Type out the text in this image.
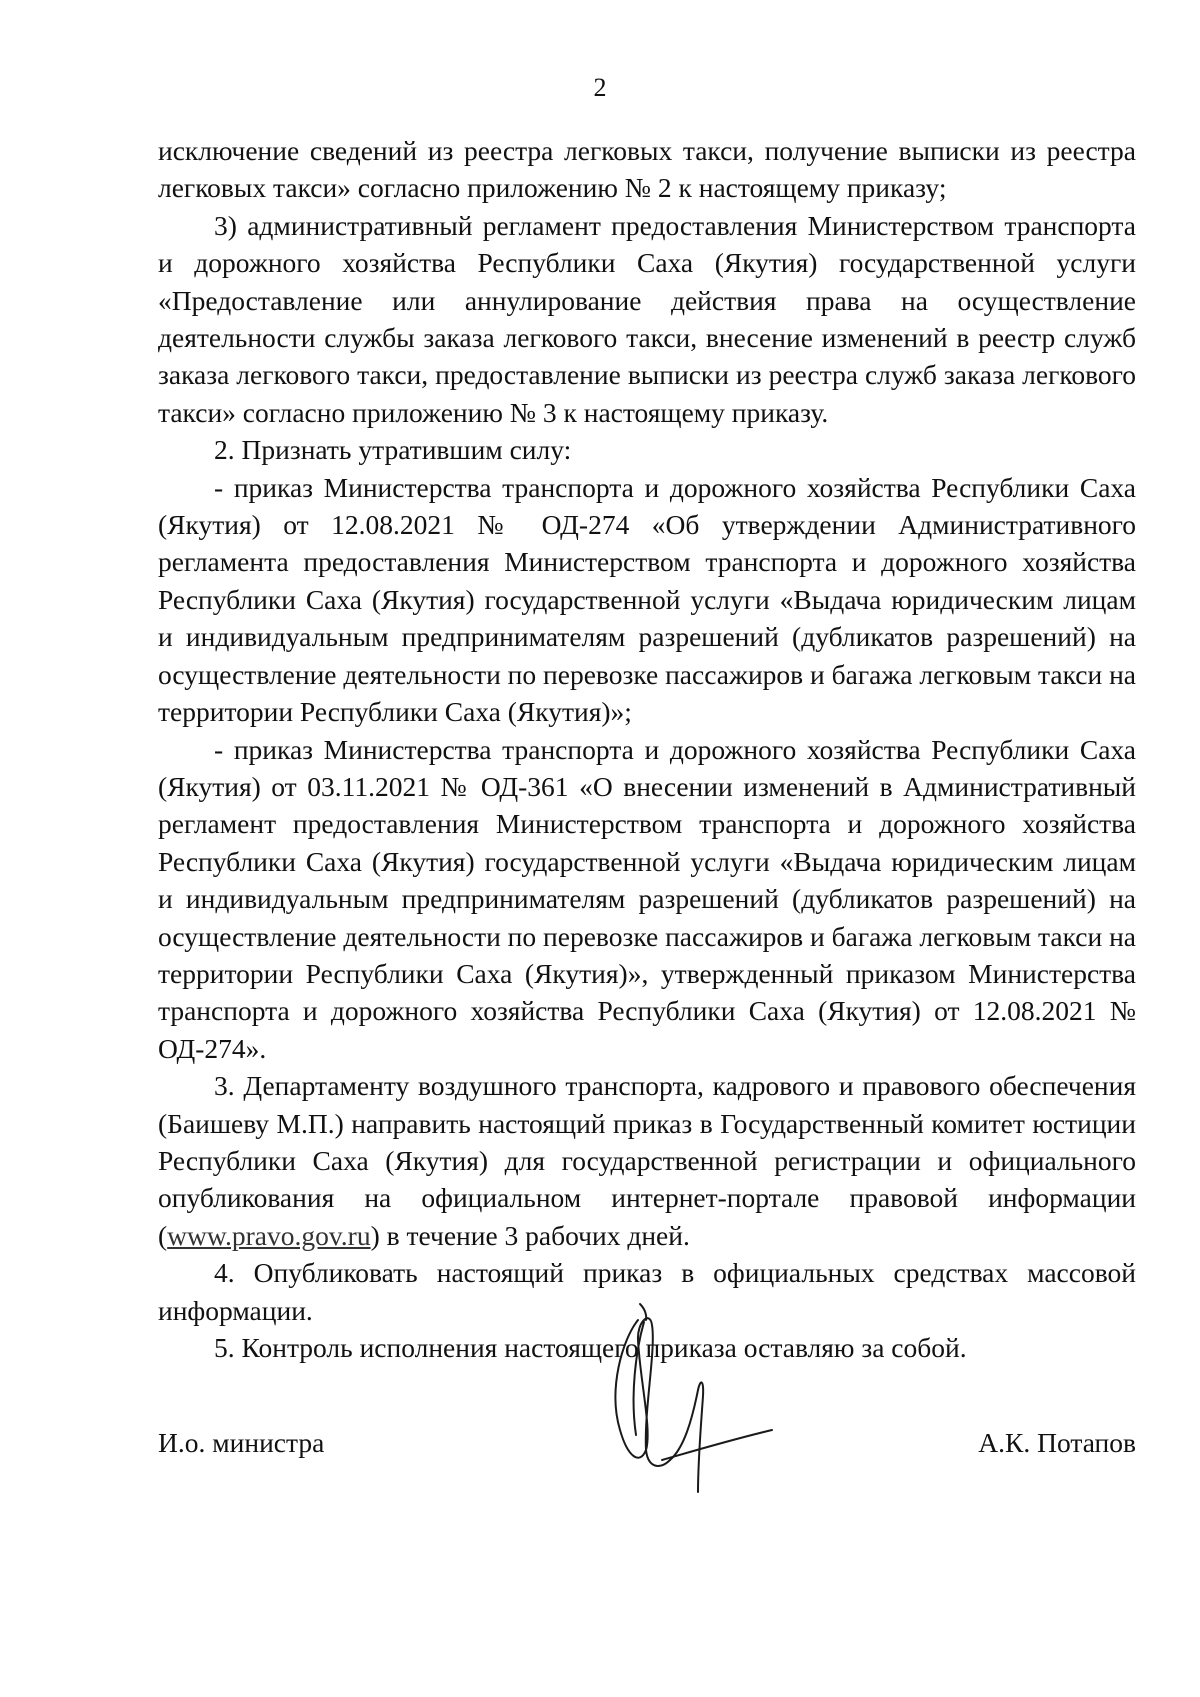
2

исключение сведений из реестра легковых такси, получение выписки из реестра легковых такси» согласно приложению № 2 к настоящему приказу;

3) административный регламент предоставления Министерством транспорта и дорожного хозяйства Республики Саха (Якутия) государственной услуги «Предоставление или аннулирование действия права на осуществление деятельности службы заказа легкового такси, внесение изменений в реестр служб заказа легкового такси, предоставление выписки из реестра служб заказа легкового такси» согласно приложению № 3 к настоящему приказу.

2. Признать утратившим силу:

- приказ Министерства транспорта и дорожного хозяйства Республики Саха (Якутия) от 12.08.2021 № ОД-274 «Об утверждении Административного регламента предоставления Министерством транспорта и дорожного хозяйства Республики Саха (Якутия) государственной услуги «Выдача юридическим лицам и индивидуальным предпринимателям разрешений (дубликатов разрешений) на осуществление деятельности по перевозке пассажиров и багажа легковым такси на территории Республики Саха (Якутия)»;

- приказ Министерства транспорта и дорожного хозяйства Республики Саха (Якутия) от 03.11.2021 № ОД-361 «О внесении изменений в Административный регламент предоставления Министерством транспорта и дорожного хозяйства Республики Саха (Якутия) государственной услуги «Выдача юридическим лицам и индивидуальным предпринимателям разрешений (дубликатов разрешений) на осуществление деятельности по перевозке пассажиров и багажа легковым такси на территории Республики Саха (Якутия)», утвержденный приказом Министерства транспорта и дорожного хозяйства Республики Саха (Якутия) от 12.08.2021 № ОД-274».

3. Департаменту воздушного транспорта, кадрового и правового обеспечения (Баишеву М.П.) направить настоящий приказ в Государственный комитет юстиции Республики Саха (Якутия) для государственной регистрации и официального опубликования на официальном интернет-портале правовой информации (www.pravo.gov.ru) в течение 3 рабочих дней.

4. Опубликовать настоящий приказ в официальных средствах массовой информации.

5. Контроль исполнения настоящего приказа оставляю за собой.

И.о. министра	А.К. Потапов
